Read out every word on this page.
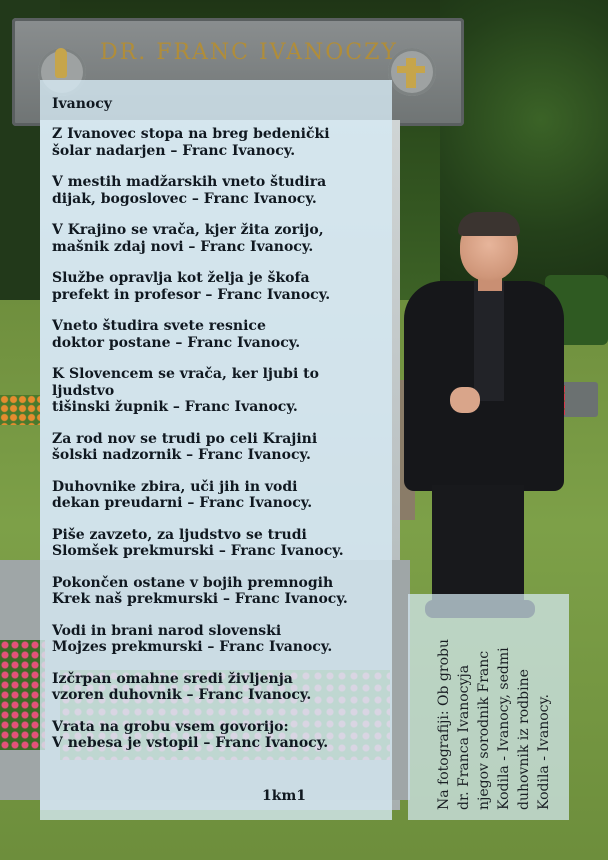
DR. FRANC IVANOCZY
Ivanocy
Z Ivanovec stopa na breg bedenički
šolar nadarjen – Franc Ivanocy.
V mestih madžarskih vneto študira
dijak, bogoslovec – Franc Ivanocy.
V Krajino se vrača, kjer žita zorijo,
mašnik zdaj novi – Franc Ivanocy.
Službe opravlja kot želja je škofa
prefekt in profesor – Franc Ivanocy.
Vneto študira svete resnice
doktor postane – Franc Ivanocy.
K Slovencem se vrača, ker ljubi to
ljudstvo
tišinski župnik – Franc Ivanocy.
Za rod nov se trudi po celi Krajini
šolski nadzornik – Franc Ivanocy.
Duhovnike zbira, uči jih in vodi
dekan preudarni – Franc Ivanocy.
Piše zavzeto, za ljudstvo se trudi
Slomšek prekmurski – Franc Ivanocy.
Pokončen ostane v bojih premnogih
Krek naš prekmurski – Franc Ivanocy.
Vodi in brani narod slovenski
Mojzes prekmurski – Franc Ivanocy.
Izčrpan omahne sredi življenja
vzoren duhovnik – Franc Ivanocy.
Vrata na grobu vsem govorijo:
V nebesa je vstopil – Franc Ivanocy.
1km1	Na fotografiji: Ob grobu dr. Franca Ivanocyja njegov sorodnik Franc Kodila - Ivanocy, sedmi duhovnik iz rodbine Kodila - Ivanocy.
